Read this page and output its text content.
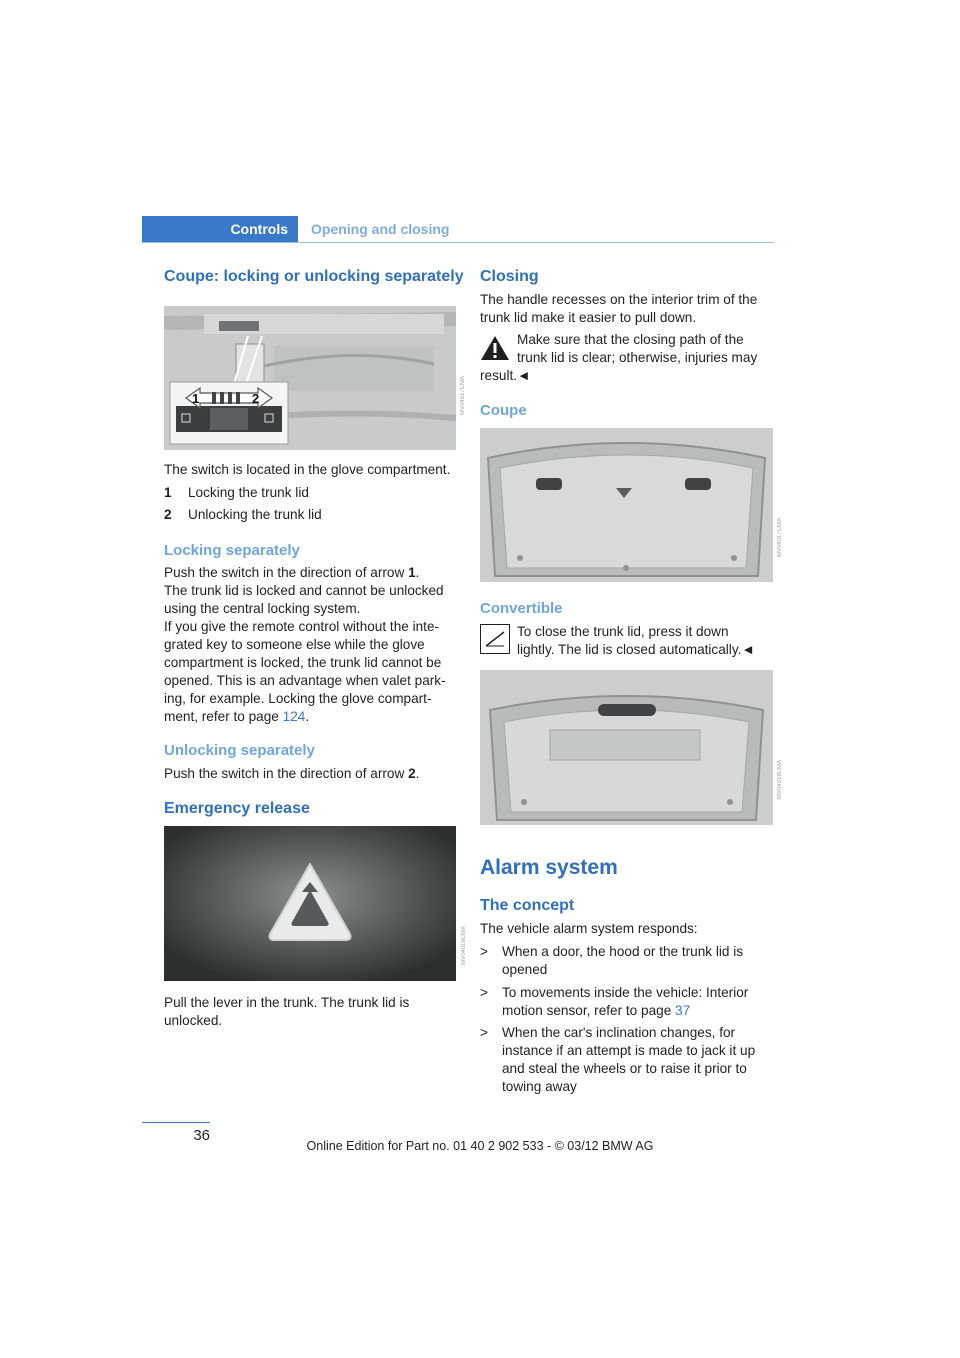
Controls	Opening and closing
Coupe: locking or unlocking separately
1	2	MV04517CMA
The switch is located in the glove compartment.
1 Locking the trunk lid
2 Unlocking the trunk lid
Locking separately
Push the switch in the direction of arrow 1.
The trunk lid is locked and cannot be unlocked
using the central locking system.
If you give the remote control without the inte-
grated key to someone else while the glove
compartment is locked, the trunk lid cannot be
opened. This is an advantage when valet park-
ing, for example. Locking the glove compart-
ment, refer to page 124.
Unlocking separately
Push the switch in the direction of arrow 2.
Emergency release
MV04016CMA
Pull the lever in the trunk. The trunk lid is
unlocked.
Closing
The handle recesses on the interior trim of the
trunk lid make it easier to pull down.
Make sure that the closing path of the
trunk lid is clear; otherwise, injuries may
result.◄
Coupe
MV04017CMA
Convertible
To close the trunk lid, press it down
lightly. The lid is closed automatically.◄
MV04018CMA
Alarm system
The concept
The vehicle alarm system responds:
> When a door, the hood or the trunk lid is
opened
> To movements inside the vehicle: Interior
motion sensor, refer to page 37
> When the car's inclination changes, for
instance if an attempt is made to jack it up
and steal the wheels or to raise it prior to
towing away
36
Online Edition for Part no. 01 40 2 902 533 - © 03/12 BMW AG
